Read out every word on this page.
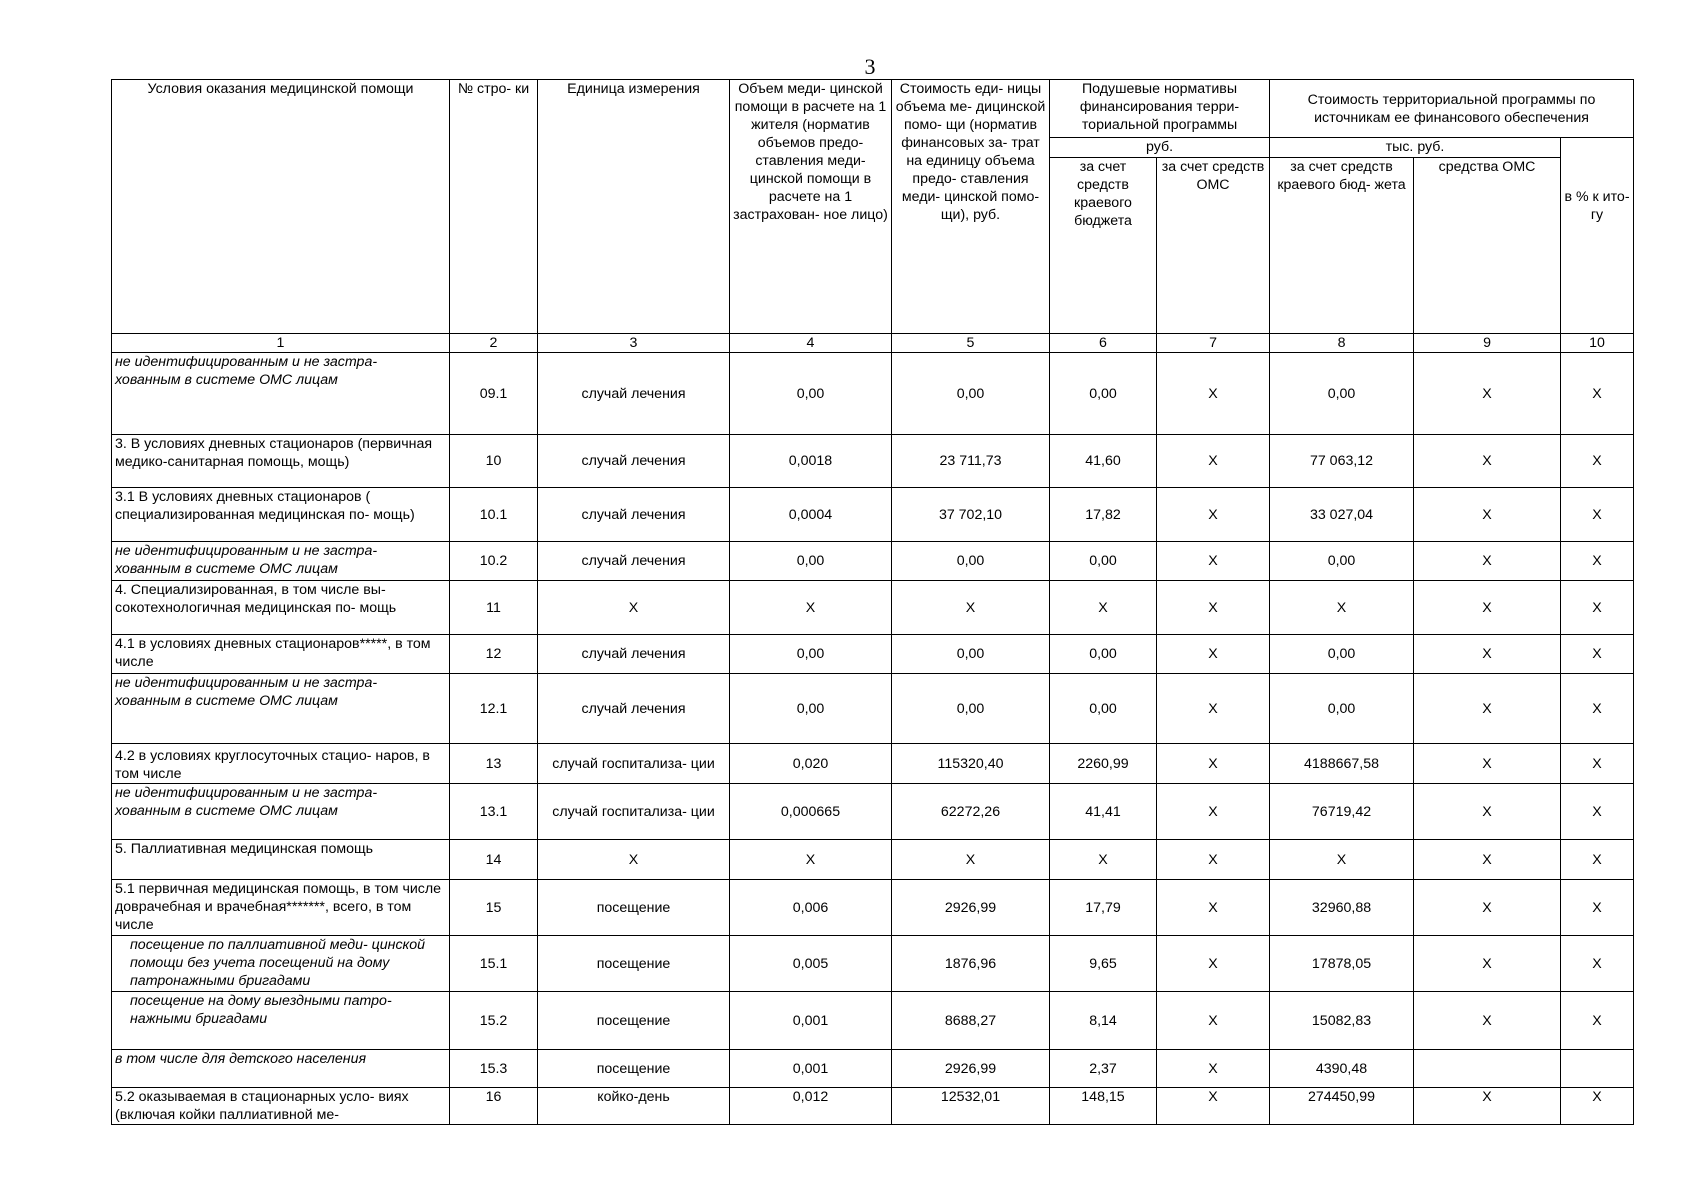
3
Условия оказания медицинской помощи	№ стро- ки	Единица измерения	Объем меди- цинской помощи в расчете на 1 жителя (норматив объемов предо- ставления меди- цинской помощи в расчете на 1 застрахован- ное лицо)	Стоимость еди- ницы объема ме- дицинской помо- щи (норматив финансовых за- трат на единицу объема предо- ставления меди- цинской помо- щи), руб.	Подушевые нормативы финансирования терри- ториальной программы		Стоимость территориальной программы по источникам ее финансового обеспечения		
					руб.		тыс. руб.		в % к ито- гу
					за счет средств краевого бюджета	за счет средств ОМС	за счет средств краевого бюд- жета	средства ОМС	
1	2	3	4	5	6	7	8	9	10
не идентифицированным и не застра- хованным в системе ОМС лицам	09.1	случай лечения	0,00	0,00	0,00	X	0,00	X	X
3. В условиях дневных стационаров (первичная медико-санитарная помощь, мощь)	10	случай лечения	0,0018	23 711,73	41,60	X	77 063,12	X	X
3.1 В условиях дневных стационаров ( специализированная медицинская по- мощь)	10.1	случай лечения	0,0004	37 702,10	17,82	X	33 027,04	X	X
не идентифицированным и не застра- хованным в системе ОМС лицам	10.2	случай лечения	0,00	0,00	0,00	X	0,00	X	X
4. Специализированная, в том числе вы- сокотехнологичная медицинская по- мощь	11	X	X	X	X	X	X	X	X
4.1 в условиях дневных стационаров*****, в том числе	12	случай лечения	0,00	0,00	0,00	X	0,00	X	X
не идентифицированным и не застра- хованным в системе ОМС лицам	12.1	случай лечения	0,00	0,00	0,00	X	0,00	X	X
4.2 в условиях круглосуточных стацио- наров, в том числе	13	случай госпитализа- ции	0,020	115320,40	2260,99	X	4188667,58	X	X
не идентифицированным и не застра- хованным в системе ОМС лицам	13.1	случай госпитализа- ции	0,000665	62272,26	41,41	X	76719,42	X	X
5. Паллиативная медицинская помощь	14	X	X	X	X	X	X	X	X
5.1 первичная медицинская помощь, в том числе доврачебная и врачебная*******, всего, в том числе	15	посещение	0,006	2926,99	17,79	X	32960,88	X	X
посещение по паллиативной меди- цинской помощи без учета посещений на дому патронажными бригадами	15.1	посещение	0,005	1876,96	9,65	X	17878,05	X	X
посещение на дому выездными патро- нажными бригадами	15.2	посещение	0,001	8688,27	8,14	X	15082,83	X	X
в том числе для детского населения	15.3	посещение	0,001	2926,99	2,37	X	4390,48		
5.2 оказываемая в стационарных усло- виях (включая койки паллиативной ме-	16	койко-день	0,012	12532,01	148,15	X	274450,99	X	X
